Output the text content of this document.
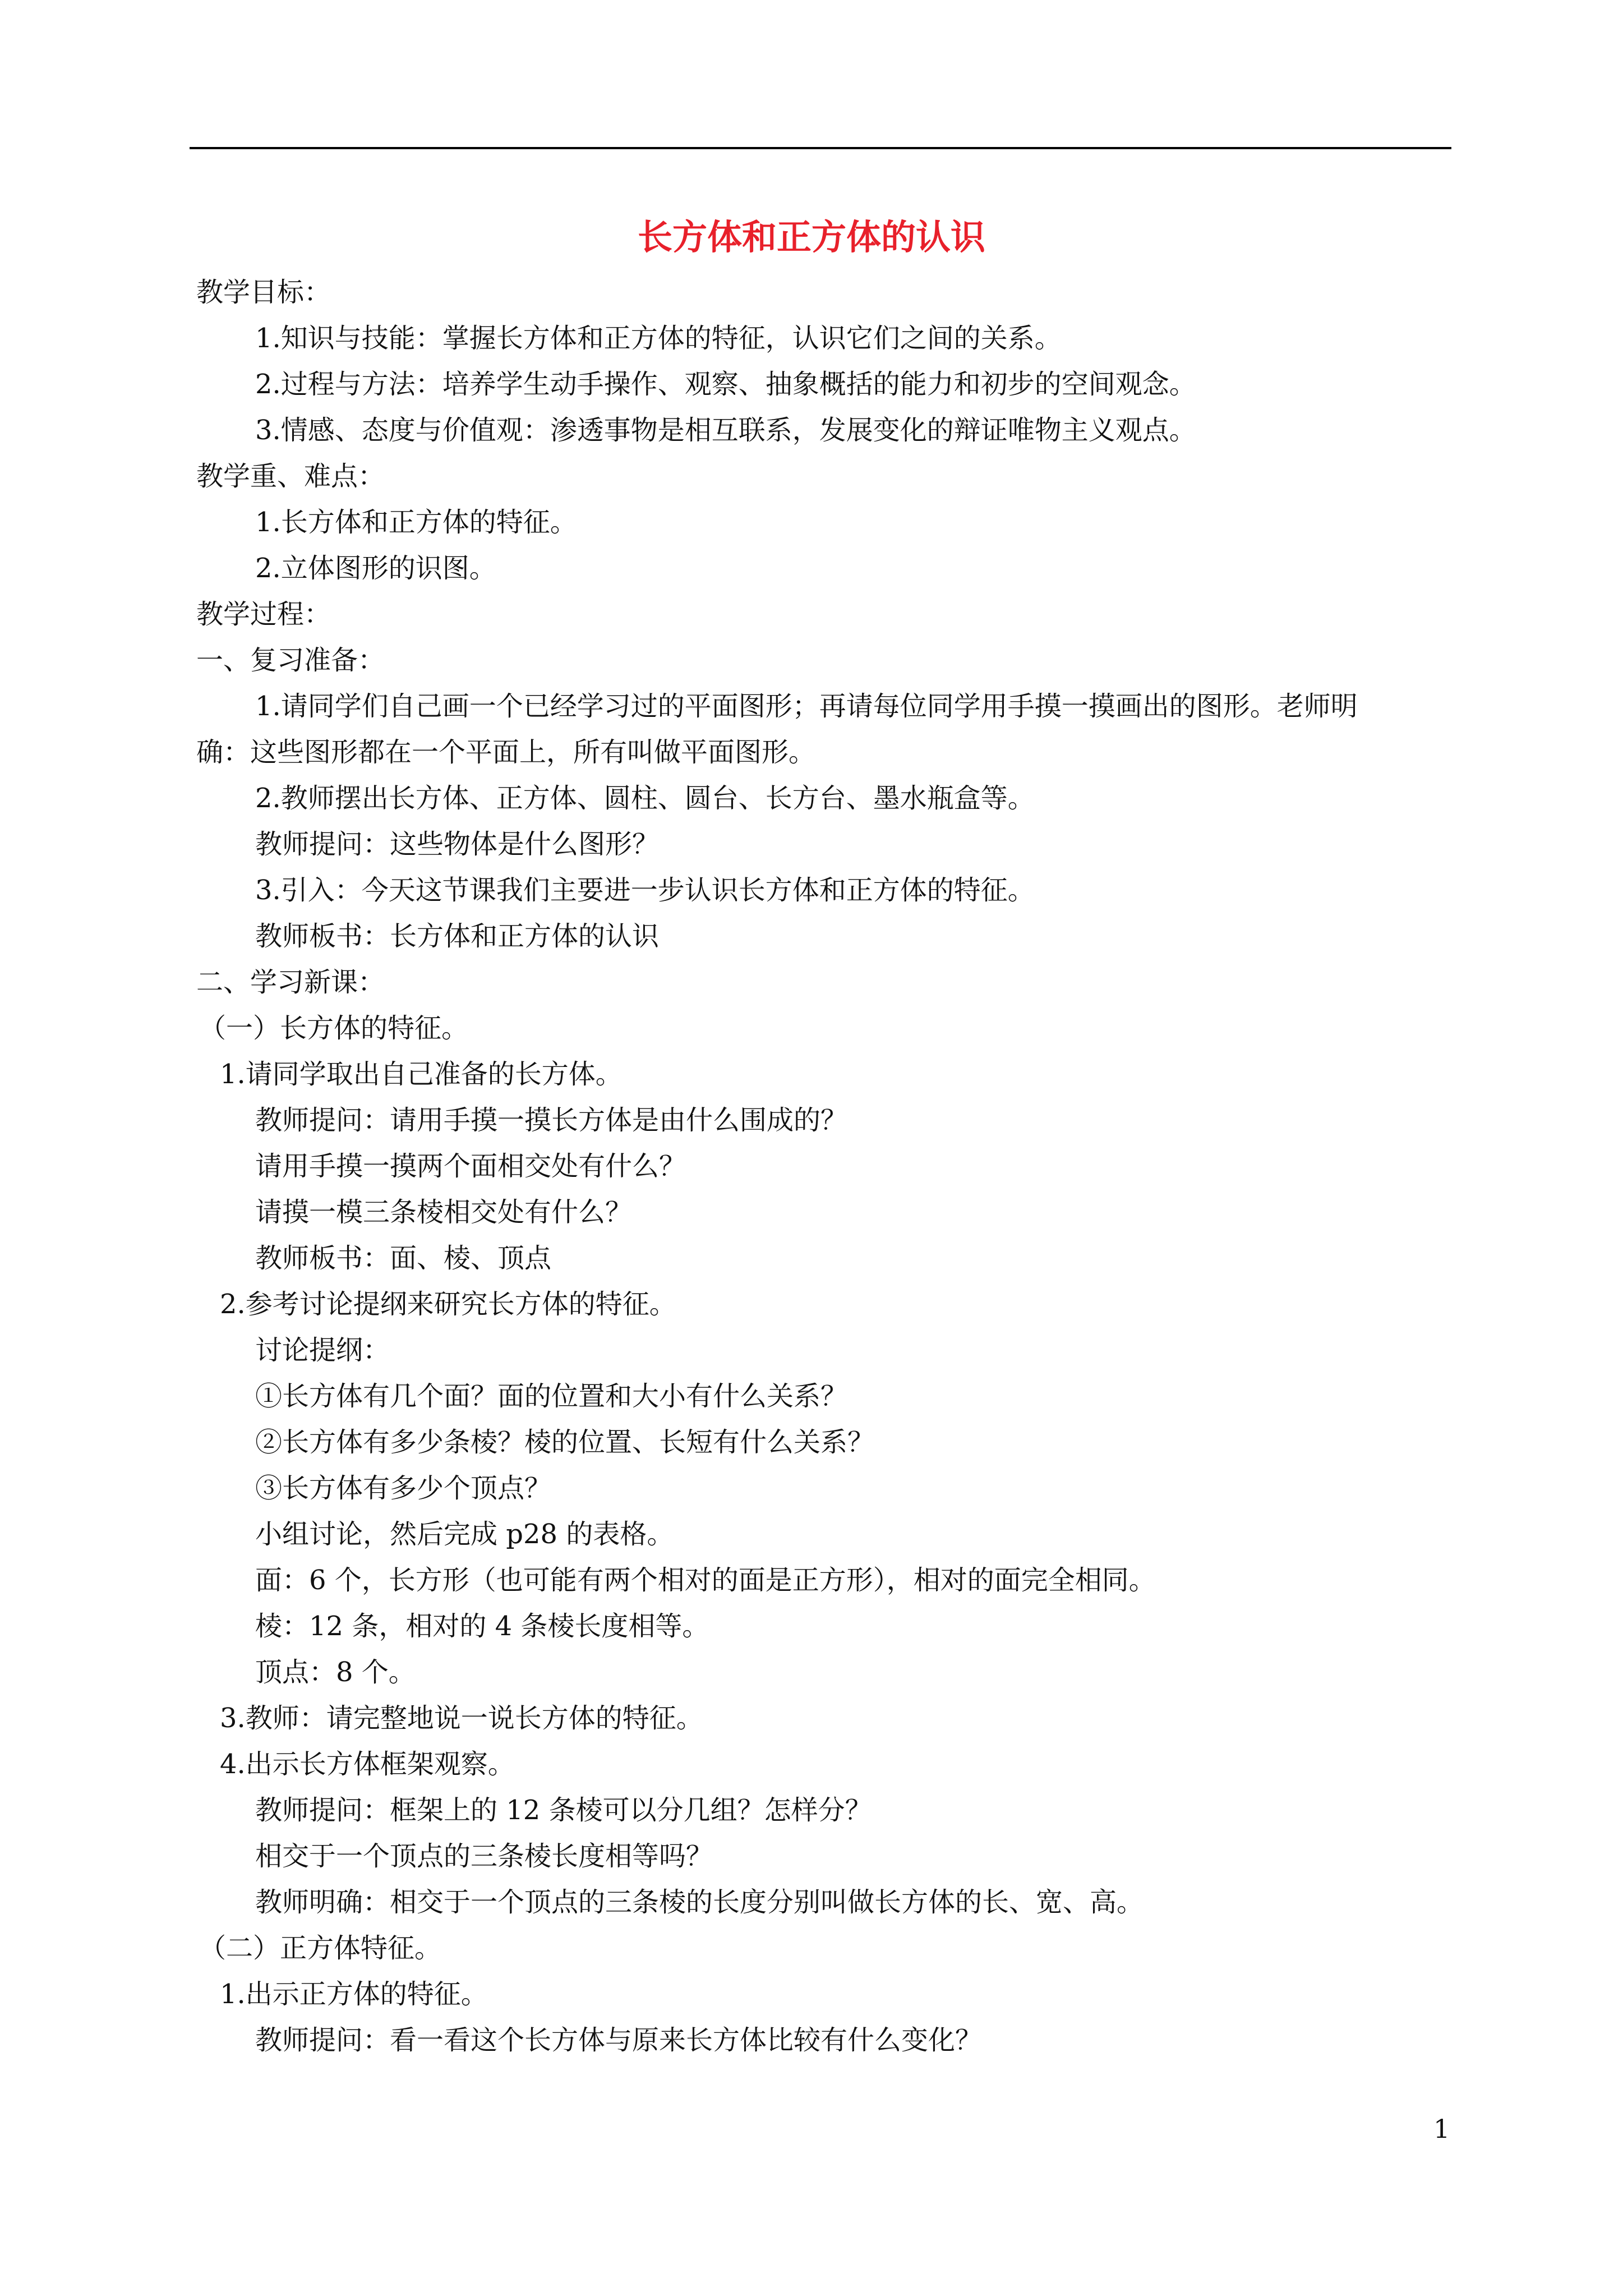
长方体和正方体的认识
教学目标：
1.知识与技能：掌握长方体和正方体的特征，认识它们之间的关系。
2.过程与方法：培养学生动手操作、观察、抽象概括的能力和初步的空间观念。
3.情感、态度与价值观：渗透事物是相互联系，发展变化的辩证唯物主义观点。
教学重、难点：
1.长方体和正方体的特征。
2.立体图形的识图。
教学过程：
一、复习准备：
1.请同学们自己画一个已经学习过的平面图形；再请每位同学用手摸一摸画出的图形。老师明
确：这些图形都在一个平面上，所有叫做平面图形。
2.教师摆出长方体、正方体、圆柱、圆台、长方台、墨水瓶盒等。
教师提问：这些物体是什么图形？
3.引入：今天这节课我们主要进一步认识长方体和正方体的特征。
教师板书：长方体和正方体的认识
二、学习新课：
（一）长方体的特征。
1.请同学取出自己准备的长方体。
教师提问：请用手摸一摸长方体是由什么围成的？
请用手摸一摸两个面相交处有什么？
请摸一模三条棱相交处有什么？
教师板书：面、棱、顶点
2.参考讨论提纲来研究长方体的特征。
讨论提纲：
①长方体有几个面？面的位置和大小有什么关系？
②长方体有多少条棱？棱的位置、长短有什么关系？
③长方体有多少个顶点？
小组讨论，然后完成 p28 的表格。
面：6 个，长方形（也可能有两个相对的面是正方形），相对的面完全相同。
棱：12 条，相对的 4 条棱长度相等。
顶点：8 个。
3.教师：请完整地说一说长方体的特征。
4.出示长方体框架观察。
教师提问：框架上的 12 条棱可以分几组？怎样分？
相交于一个顶点的三条棱长度相等吗？
教师明确：相交于一个顶点的三条棱的长度分别叫做长方体的长、宽、高。
（二）正方体特征。
1.出示正方体的特征。
教师提问：看一看这个长方体与原来长方体比较有什么变化？
1
